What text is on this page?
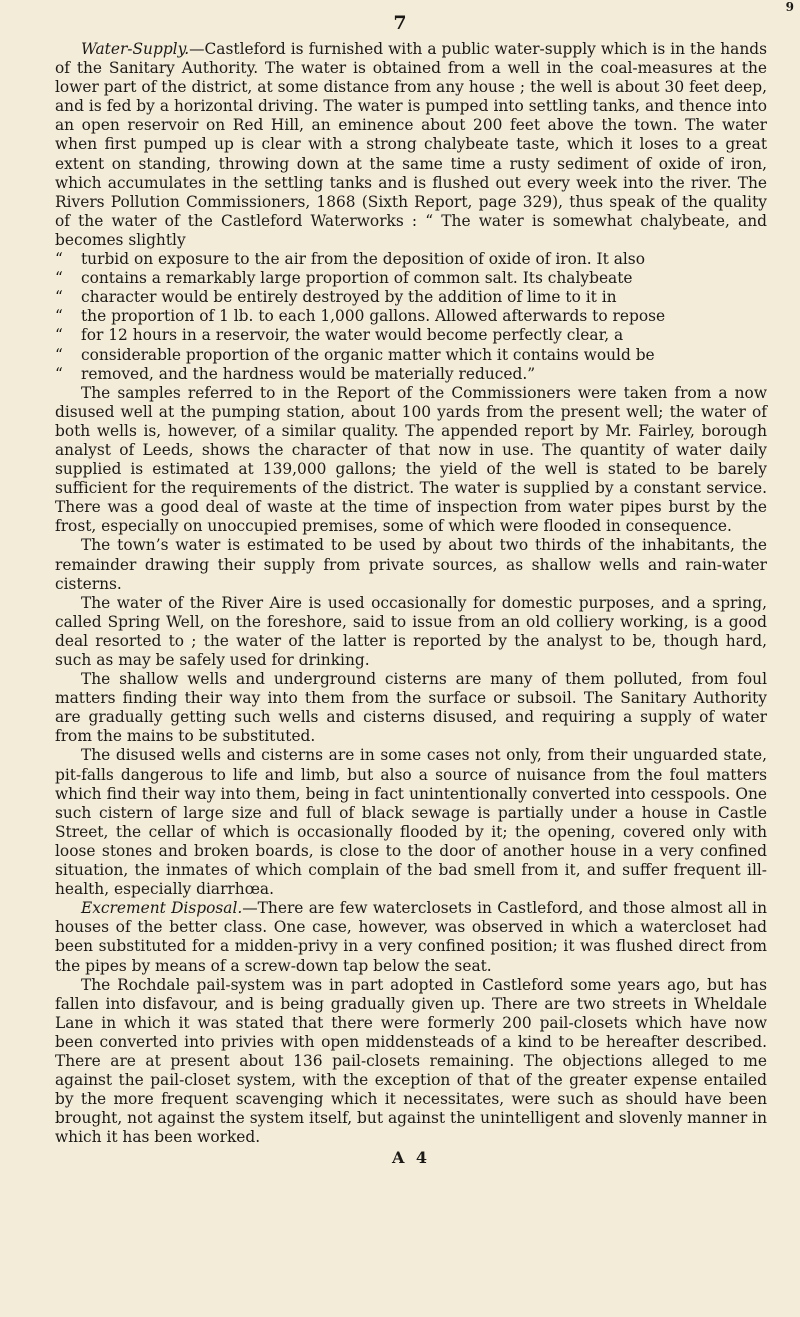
9
7

Water-Supply.—Castleford is furnished with a public water-supply which is in the hands of the Sanitary Authority. The water is obtained from a well in the coal-measures at the lower part of the district, at some distance from any house ; the well is about 30 feet deep, and is fed by a horizontal driving. The water is pumped into settling tanks, and thence into an open reservoir on Red Hill, an eminence about 200 feet above the town. The water when first pumped up is clear with a strong chalybeate taste, which it loses to a great extent on standing, throwing down at the same time a rusty sediment of oxide of iron, which accumulates in the settling tanks and is flushed out every week into the river. The Rivers Pollution Commissioners, 1868 (Sixth Report, page 329), thus speak of the quality of the water of the Castleford Waterworks : “ The water is somewhat chalybeate, and becomes slightly

“ turbid on exposure to the air from the deposition of oxide of iron. It also

“ contains a remarkably large proportion of common salt. Its chalybeate

“ character would be entirely destroyed by the addition of lime to it in

“ the proportion of 1 lb. to each 1,000 gallons. Allowed afterwards to repose

“ for 12 hours in a reservoir, the water would become perfectly clear, a

“ considerable proportion of the organic matter which it contains would be

“ removed, and the hardness would be materially reduced.”

The samples referred to in the Report of the Commissioners were taken from a now disused well at the pumping station, about 100 yards from the present well; the water of both wells is, however, of a similar quality. The appended report by Mr. Fairley, borough analyst of Leeds, shows the character of that now in use. The quantity of water daily supplied is estimated at 139,000 gallons; the yield of the well is stated to be barely sufficient for the requirements of the district. The water is supplied by a constant service. There was a good deal of waste at the time of inspection from water pipes burst by the frost, especially on unoccupied premises, some of which were flooded in consequence.

The town’s water is estimated to be used by about two thirds of the inhabitants, the remainder drawing their supply from private sources, as shallow wells and rain-water cisterns.

The water of the River Aire is used occasionally for domestic purposes, and a spring, called Spring Well, on the foreshore, said to issue from an old colliery working, is a good deal resorted to ; the water of the latter is reported by the analyst to be, though hard, such as may be safely used for drinking.

The shallow wells and underground cisterns are many of them polluted, from foul matters finding their way into them from the surface or subsoil. The Sanitary Authority are gradually getting such wells and cisterns disused, and requiring a supply of water from the mains to be substituted.

The disused wells and cisterns are in some cases not only, from their unguarded state, pit-falls dangerous to life and limb, but also a source of nuisance from the foul matters which find their way into them, being in fact unintentionally converted into cesspools. One such cistern of large size and full of black sewage is partially under a house in Castle Street, the cellar of which is occasionally flooded by it; the opening, covered only with loose stones and broken boards, is close to the door of another house in a very confined situation, the inmates of which complain of the bad smell from it, and suffer frequent ill-health, especially diarrhœa.

Excrement Disposal.—There are few waterclosets in Castleford, and those almost all in houses of the better class. One case, however, was observed in which a watercloset had been substituted for a midden-privy in a very confined position; it was flushed direct from the pipes by means of a screw-down tap below the seat.

The Rochdale pail-system was in part adopted in Castleford some years ago, but has fallen into disfavour, and is being gradually given up. There are two streets in Wheldale Lane in which it was stated that there were formerly 200 pail-closets which have now been converted into privies with open middensteads of a kind to be hereafter described. There are at present about 136 pail-closets remaining. The objections alleged to me against the pail-closet system, with the exception of that of the greater expense entailed by the more frequent scavenging which it necessitates, were such as should have been brought, not against the system itself, but against the unintelligent and slovenly manner in which it has been worked.

A 4
